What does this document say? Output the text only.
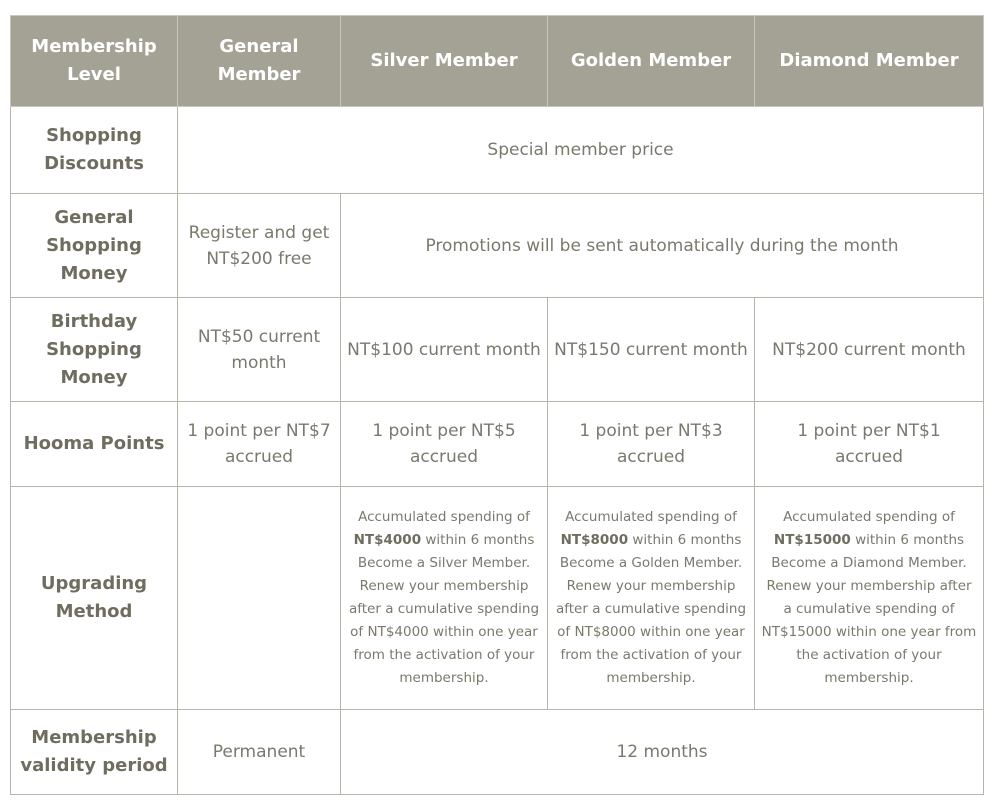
Membership Level	General Member	Silver Member	Golden Member	Diamond Member
Shopping Discounts	Special member price			
General Shopping Money	Register and get NT$200 free	Promotions will be sent automatically during the month		
Birthday Shopping Money	NT$50 current month	NT$100 current month	NT$150 current month	NT$200 current month
Hooma Points	1 point per NT$7 accrued	1 point per NT$5 accrued	1 point per NT$3 accrued	1 point per NT$1 accrued
Upgrading Method		Accumulated spending of NT$4000 within 6 months Become a Silver Member. Renew your membership after a cumulative spending of NT$4000 within one year from the activation of your membership.	Accumulated spending of NT$8000 within 6 months Become a Golden Member. Renew your membership after a cumulative spending of NT$8000 within one year from the activation of your membership.	Accumulated spending of NT$15000 within 6 months Become a Diamond Member. Renew your membership after a cumulative spending of NT$15000 within one year from the activation of your membership.
Membership validity period	Permanent	12 months		
